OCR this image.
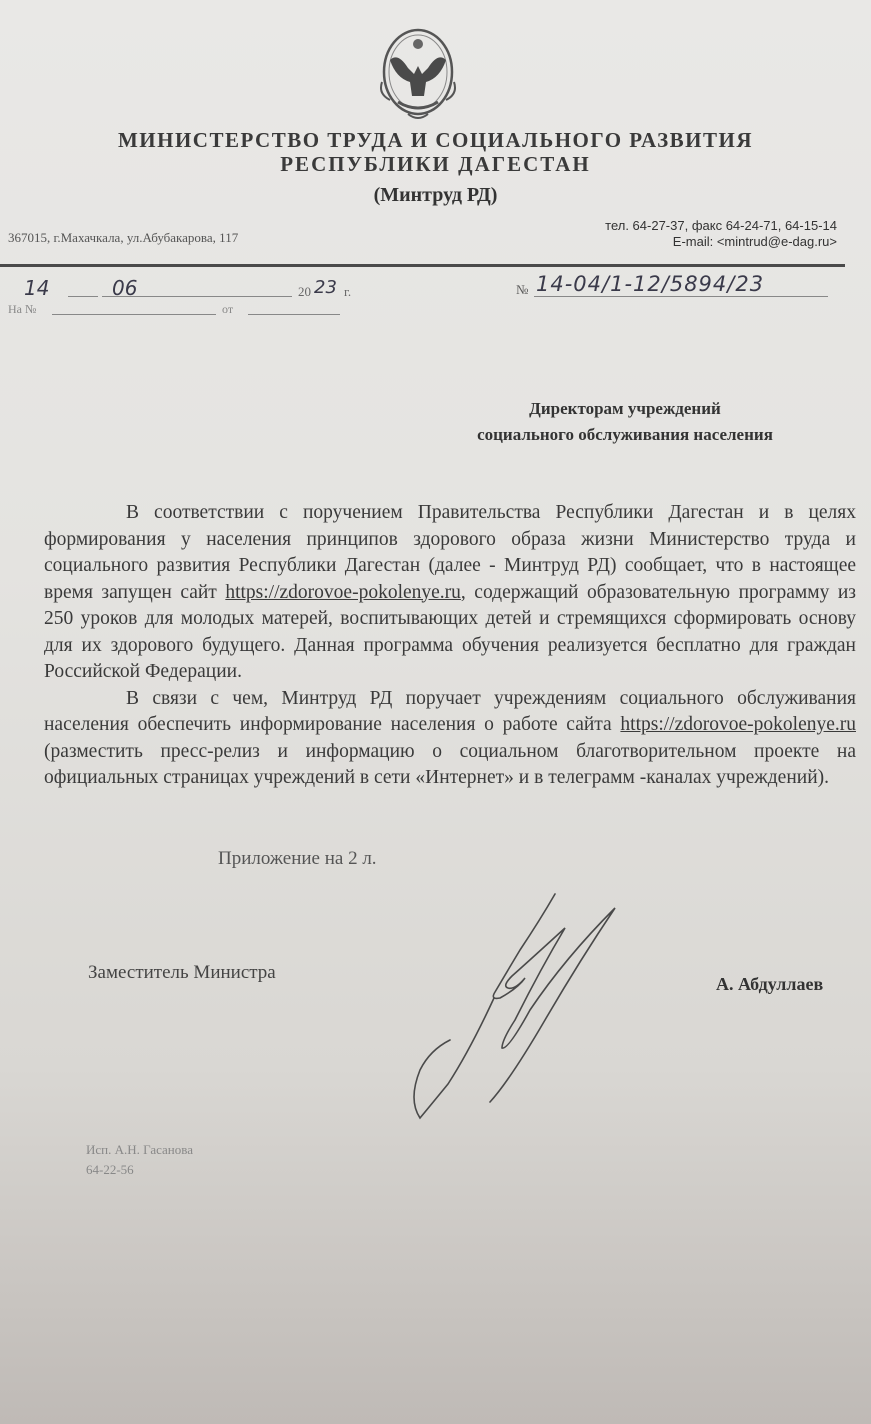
МИНИСТЕРСТВО ТРУДА И СОЦИАЛЬНОГО РАЗВИТИЯ
РЕСПУБЛИКИ ДАГЕСТАН
(Минтруд РД)
367015, г.Махачкала, ул.Абубакарова, 117
тел. 64-27-37, факс 64-24-71, 64-15-14
E-mail: <mintrud@e-dag.ru>
14	06	20 23 г.
На №	от
№ 14-04/1-12/5894/23
Директорам учреждений
социального обслуживания населения

В соответствии с поручением Правительства Республики Дагестан и в целях формирования у населения принципов здорового образа жизни Министерство труда и социального развития Республики Дагестан (далее - Минтруд РД) сообщает, что в настоящее время запущен сайт https://zdorovoe-pokolenye.ru, содержащий образовательную программу из 250 уроков для молодых матерей, воспитывающих детей и стремящихся сформировать основу для их здорового будущего. Данная программа обучения реализуется бесплатно для граждан Российской Федерации.

В связи с чем, Минтруд РД поручает учреждениям социального обслуживания населения обеспечить информирование населения о работе сайта https://zdorovoe-pokolenye.ru (разместить пресс-релиз и информацию о социальном благотворительном проекте на официальных страницах учреждений в сети «Интернет» и в телеграмм -каналах учреждений).

Приложение на 2 л.
Заместитель Министра
А. Абдуллаев
Исп. А.Н. Гасанова
64-22-56
